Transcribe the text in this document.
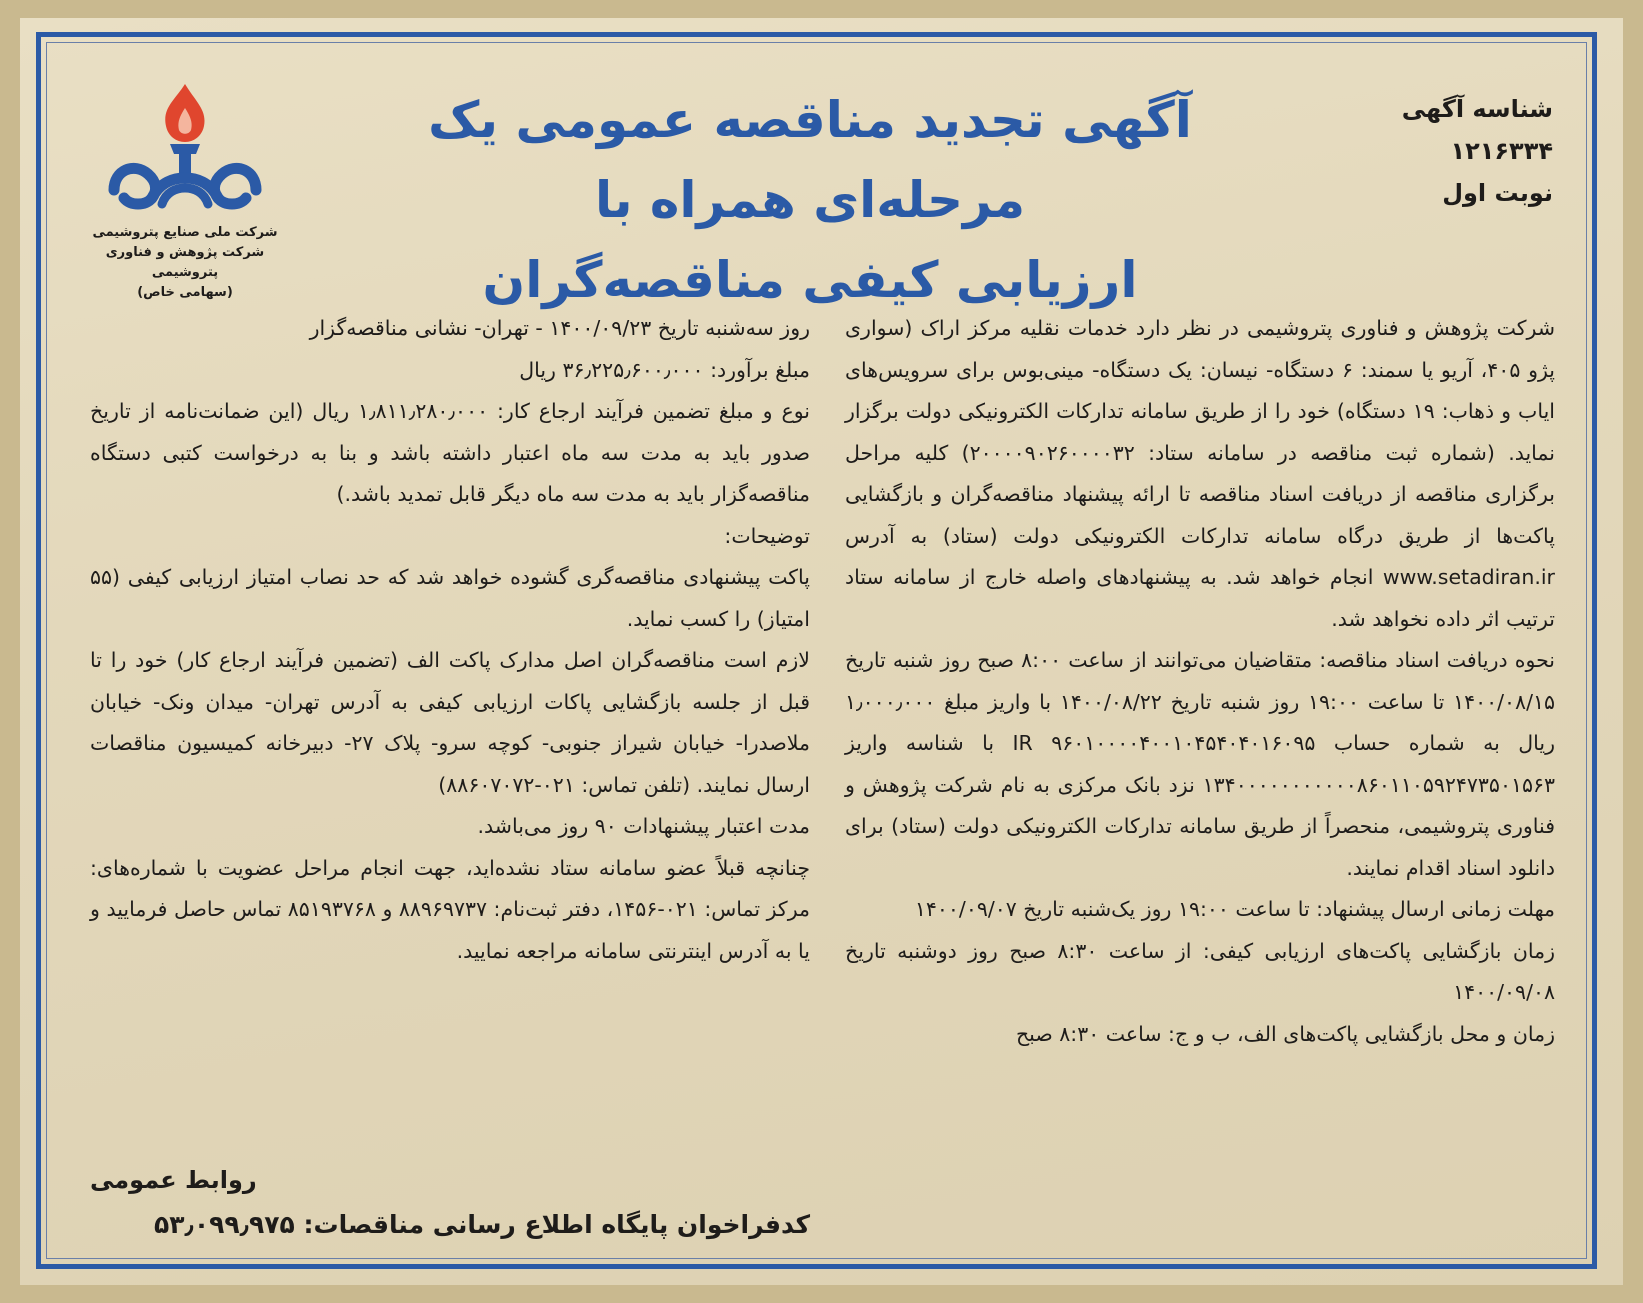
شناسه آگهی ۱۲۱۶۳۳۴
نوبت اول
آگهی تجدید مناقصه عمومی یک مرحله‌ای همراه با
ارزیابی کیفی مناقصه‌گران
شرکت ملی صنایع پتروشیمی
شرکت پژوهش و فناوری
پتروشیمی
(سهامی خاص)

شرکت پژوهش و فناوری پتروشیمی در نظر دارد خدمات نقلیه مرکز اراک (سواری پژو ۴۰۵، آریو یا سمند: ۶ دستگاه- نیسان: یک دستگاه- مینی‌بوس برای سرویس‌های ایاب و ذهاب: ۱۹ دستگاه) خود را از طریق سامانه تدارکات الکترونیکی دولت برگزار نماید. (شماره ثبت مناقصه در سامانه ستاد: ۲۰۰۰۰۹۰۲۶۰۰۰۰۳۲) کلیه مراحل برگزاری مناقصه از دریافت اسناد مناقصه تا ارائه پیشنهاد مناقصه‌گران و بازگشایی پاکت‌ها از طریق درگاه سامانه تدارکات الکترونیکی دولت (ستاد) به آدرس www.setadiran.ir انجام خواهد شد. به پیشنهادهای واصله خارج از سامانه ستاد ترتیب اثر داده نخواهد شد.

نحوه دریافت اسناد مناقصه: متقاضیان می‌توانند از ساعت ۸:۰۰ صبح روز شنبه تاریخ ۱۴۰۰/۰۸/۱۵ تا ساعت ۱۹:۰۰ روز شنبه تاریخ ۱۴۰۰/۰۸/۲۲ با واریز مبلغ ۱٫۰۰۰٫۰۰۰ ریال به شماره حساب IR ۹۶۰۱۰۰۰۰۴۰۰۱۰۴۵۴۰۴۰۱۶۰۹۵ با شناسه واریز ۱۳۴۰۰۰۰۰۰۰۰۰۰۰۸۶۰۱۱۰۵۹۲۴۷۳۵۰۱۵۶۳ نزد بانک مرکزی به نام شرکت پژوهش و فناوری پتروشیمی، منحصراً از طریق سامانه تدارکات الکترونیکی دولت (ستاد) برای دانلود اسناد اقدام نمایند.

مهلت زمانی ارسال پیشنهاد: تا ساعت ۱۹:۰۰ روز یک‌شنبه تاریخ ۱۴۰۰/۰۹/۰۷

زمان بازگشایی پاکت‌های ارزیابی کیفی: از ساعت ۸:۳۰ صبح روز دوشنبه تاریخ ۱۴۰۰/۰۹/۰۸

زمان و محل بازگشایی پاکت‌های الف، ب و ج: ساعت ۸:۳۰ صبح

روز سه‌شنبه تاریخ ۱۴۰۰/۰۹/۲۳ - تهران- نشانی مناقصه‌گزار

مبلغ برآورد: ۳۶٫۲۲۵٫۶۰۰٫۰۰۰ ریال

نوع و مبلغ تضمین فرآیند ارجاع کار: ۱٫۸۱۱٫۲۸۰٫۰۰۰ ریال (این ضمانت‌نامه از تاریخ صدور باید به مدت سه ماه اعتبار داشته باشد و بنا به درخواست کتبی دستگاه مناقصه‌گزار باید به مدت سه ماه دیگر قابل تمدید باشد.)

توضیحات:

پاکت پیشنهادی مناقصه‌گری گشوده خواهد شد که حد نصاب امتیاز ارزیابی کیفی (۵۵ امتیاز) را کسب نماید.

لازم است مناقصه‌گران اصل مدارک پاکت الف (تضمین فرآیند ارجاع کار) خود را تا قبل از جلسه بازگشایی پاکات ارزیابی کیفی به آدرس تهران- میدان ونک- خیابان ملاصدرا- خیابان شیراز جنوبی- کوچه سرو- پلاک ۲۷- دبیرخانه کمیسیون مناقصات ارسال نمایند. (تلفن تماس: ۰۲۱-۸۸۶۰۷۰۷۲)

مدت اعتبار پیشنهادات ۹۰ روز می‌باشد.

چنانچه قبلاً عضو سامانه ستاد نشده‌اید، جهت انجام مراحل عضویت با شماره‌های: مرکز تماس: ۰۲۱-۱۴۵۶، دفتر ثبت‌نام: ۸۸۹۶۹۷۳۷ و ۸۵۱۹۳۷۶۸ تماس حاصل فرمایید و یا به آدرس اینترنتی سامانه مراجعه نمایید.

روابط عمومی
کدفراخوان پایگاه اطلاع رسانی مناقصات: ۵۳٫۰۹۹٫۹۷۵
